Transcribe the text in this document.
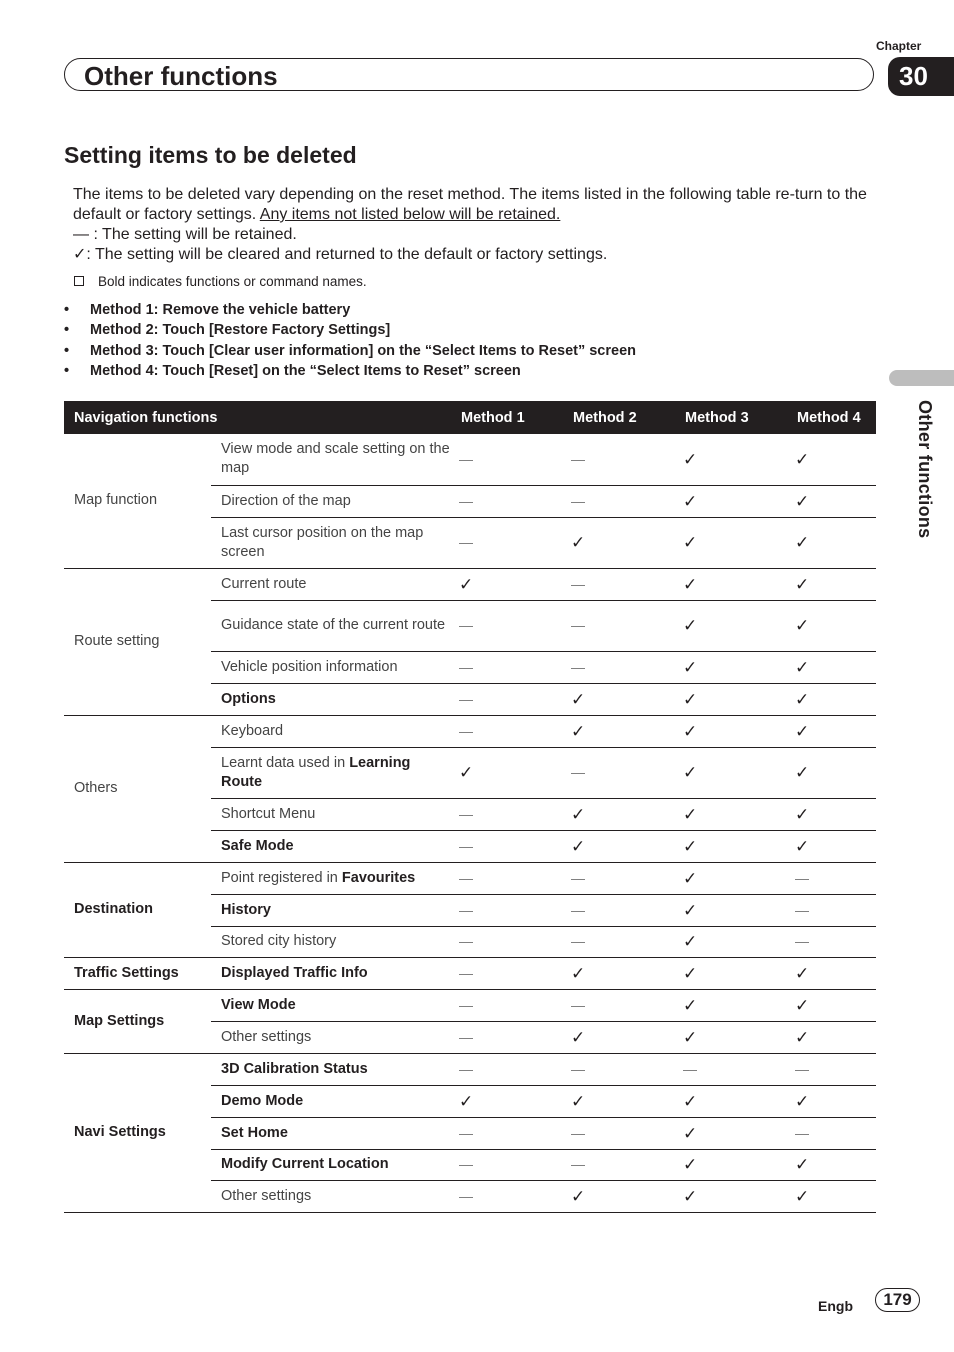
Chapter
30
Other functions
Other functions
Setting items to be deleted

The items to be deleted vary depending on the reset method. The items listed in the following table re-turn to the default or factory settings. Any items not listed below will be retained.

— : The setting will be retained.

✓: The setting will be cleared and returned to the default or factory settings.

Bold indicates functions or command names.
• Method 1: Remove the vehicle battery
• Method 2: Touch [Restore Factory Settings]
• Method 3: Touch [Clear user information] on the “Select Items to Reset” screen
• Method 4: Touch [Reset] on the “Select Items to Reset” screen
Navigation functions		Method 1	Method 2	Method 3	Method 4
Map function	View mode and scale setting on the map	—	—	✓	✓
	Direction of the map	—	—	✓	✓
	Last cursor position on the map screen	—	✓	✓	✓
Route setting	Current route	✓	—	✓	✓
	Guidance state of the current route	—	—	✓	✓
	Vehicle position information	—	—	✓	✓
	Options	—	✓	✓	✓
Others	Keyboard	—	✓	✓	✓
	Learnt data used in Learning Route	✓	—	✓	✓
	Shortcut Menu	—	✓	✓	✓
	Safe Mode	—	✓	✓	✓
Destination	Point registered in Favourites	—	—	✓	—
	History	—	—	✓	—
	Stored city history	—	—	✓	—
Traffic Settings	Displayed Traffic Info	—	✓	✓	✓
Map Settings	View Mode	—	—	✓	✓
	Other settings	—	✓	✓	✓
Navi Settings	3D Calibration Status	—	—	—	—
	Demo Mode	✓	✓	✓	✓
	Set Home	—	—	✓	—
	Modify Current Location	—	—	✓	✓
	Other settings	—	✓	✓	✓
Engb	179
